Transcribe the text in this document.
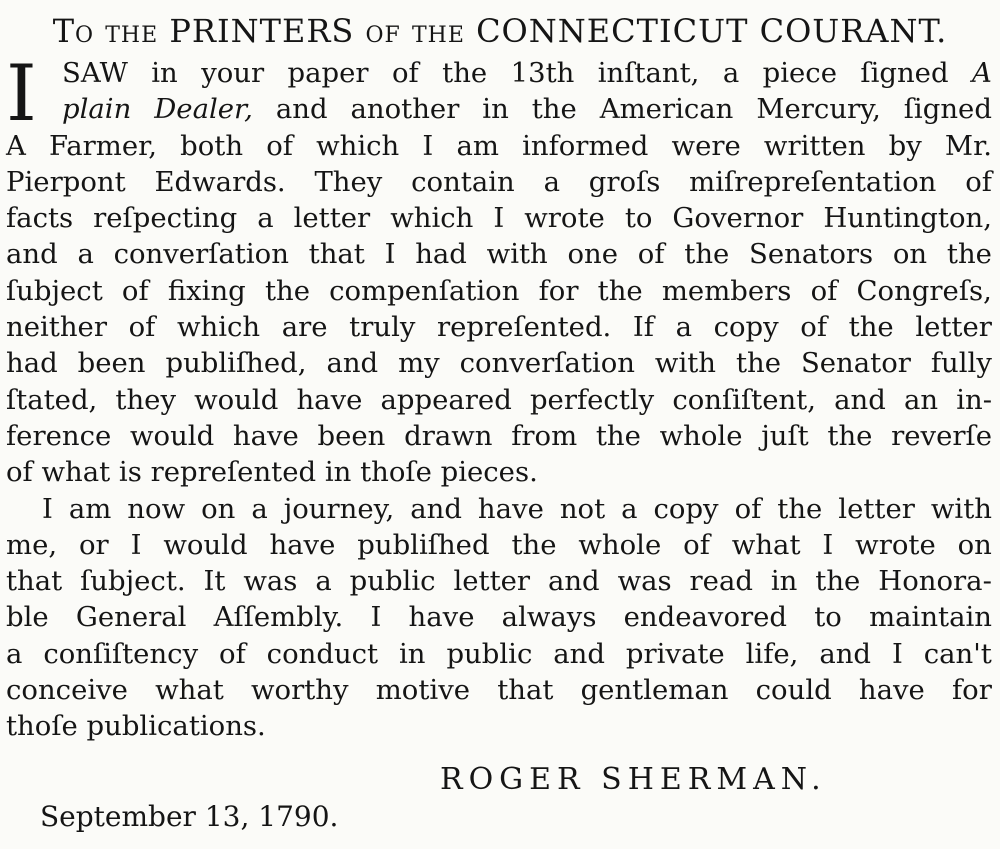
To the PRINTERS of the CONNECTICUT COURANT.
I SAW in your paper of the 13th inſtant, a piece ſigned A
plain Dealer, and another in the American Mercury, ſigned
A Farmer, both of which I am informed were written by Mr.
Pierpont Edwards. They contain a groſs miſrepreſentation of
facts reſpecting a letter which I wrote to Governor Huntington,
and a converſation that I had with one of the Senators on the
ſubject of fixing the compenſation for the members of Congreſs,
neither of which are truly repreſented. If a copy of the letter
had been publiſhed, and my converſation with the Senator fully
ſtated, they would have appeared perfectly conſiſtent, and an in-
ference would have been drawn from the whole juſt the reverſe
of what is repreſented in thoſe pieces.
I am now on a journey, and have not a copy of the letter with
me, or I would have publiſhed the whole of what I wrote on
that ſubject. It was a public letter and was read in the Honora-
ble General Aſſembly. I have always endeavored to maintain
a conſiſtency of conduct in public and private life, and I can't
conceive what worthy motive that gentleman could have for
thoſe publications.
ROGER SHERMAN.
September 13, 1790.
